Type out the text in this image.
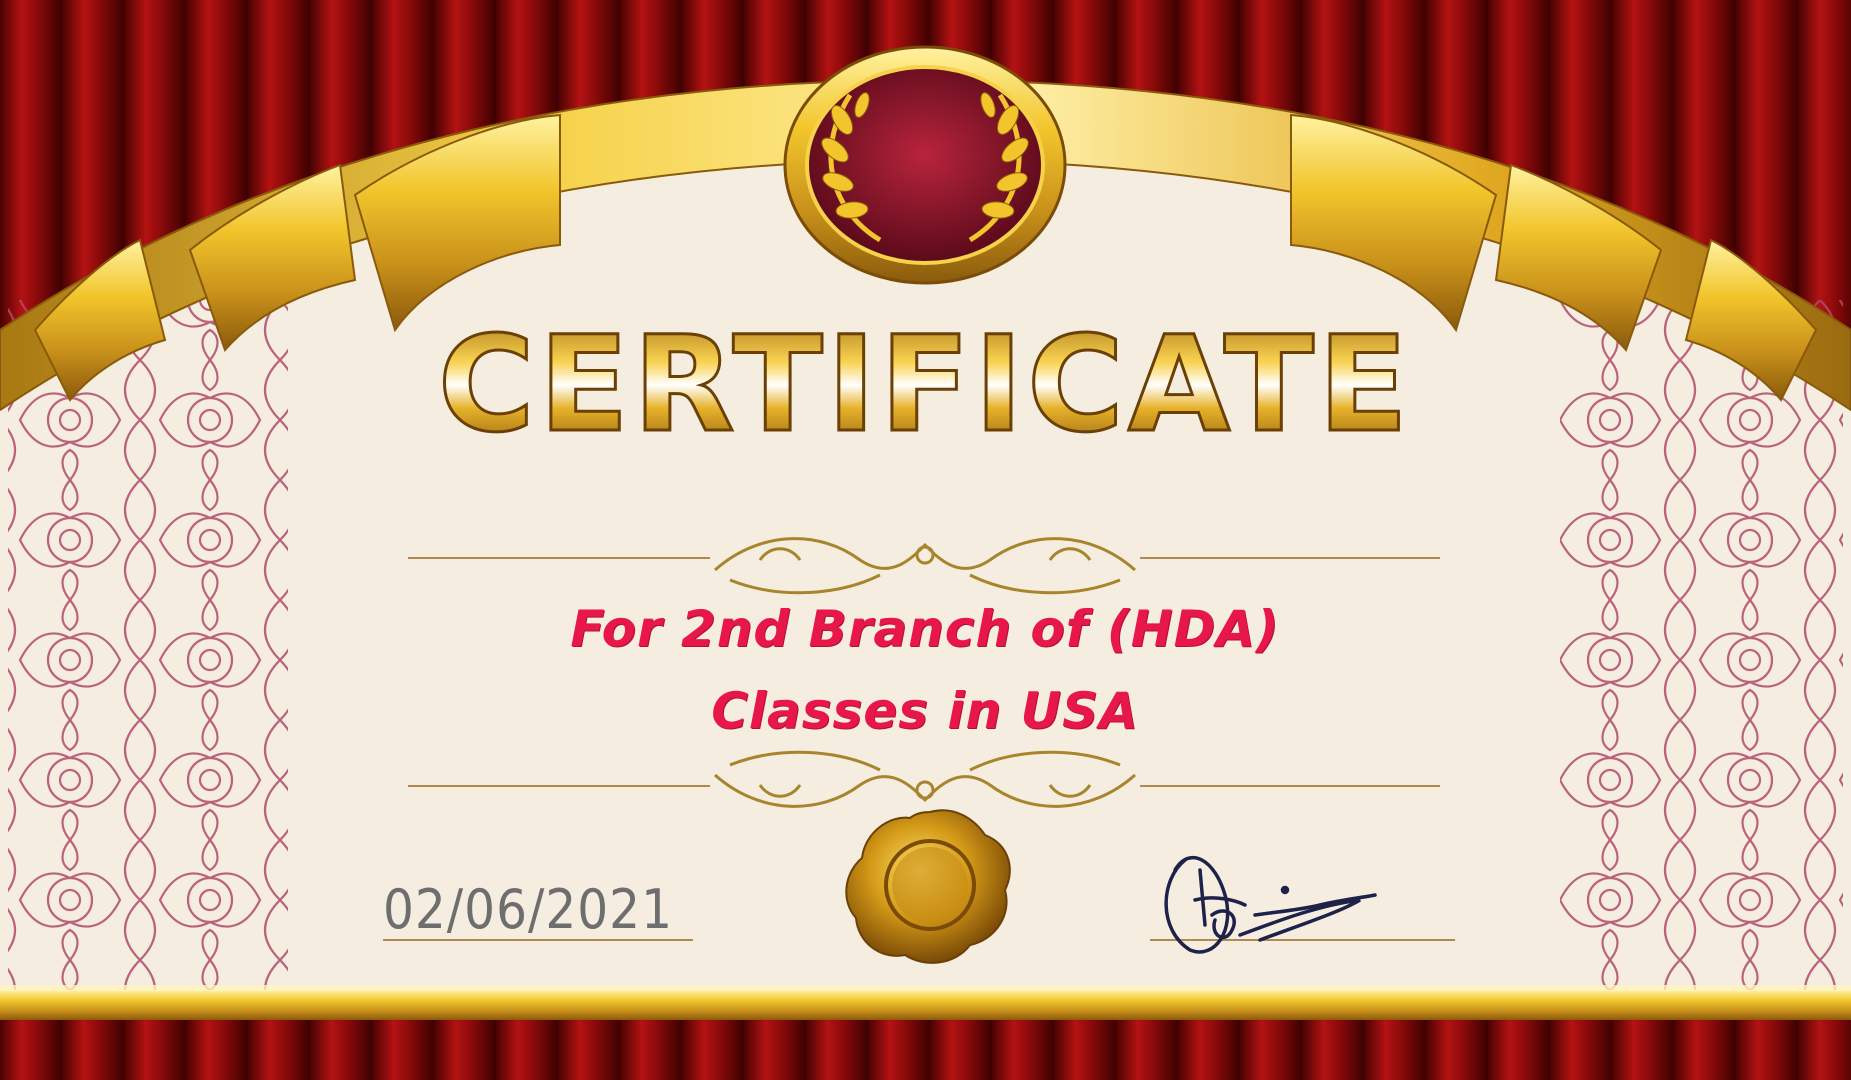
CERTIFICATE
For 2nd Branch of (HDA)
Classes in USA
02/06/2021
